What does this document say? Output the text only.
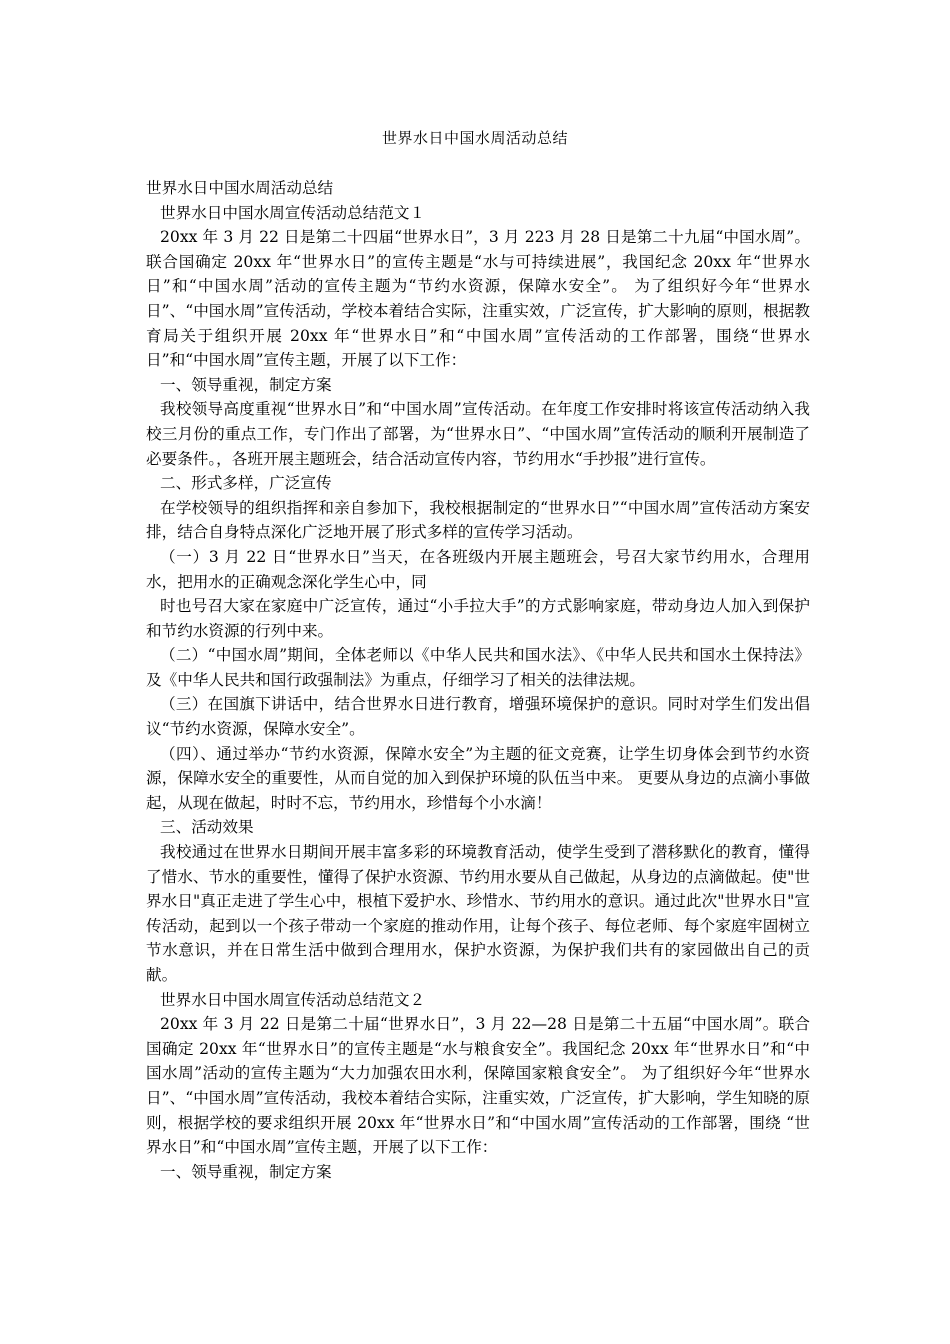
世界水日中国水周活动总结

世界水日中国水周活动总结

世界水日中国水周宣传活动总结范文１

20xx 年 3 月 22 日是第二十四届“世界水日”，3 月 223 月 28 日是第二十九届“中国水周”。联合国确定 20xx 年“世界水日”的宣传主题是“水与可持续进展”，我国纪念 20xx 年“世界水日”和“中国水周”活动的宣传主题为“节约水资源，保障水安全”。 为了组织好今年“世界水日”、“中国水周”宣传活动，学校本着结合实际，注重实效，广泛宣传，扩大影响的原则，根据教育局关于组织开展 20xx 年“世界水日”和“中国水周”宣传活动的工作部署，围绕“世界水日”和“中国水周”宣传主题，开展了以下工作：

一、领导重视，制定方案

我校领导高度重视“世界水日”和“中国水周”宣传活动。在年度工作安排时将该宣传活动纳入我校三月份的重点工作，专门作出了部署，为“世界水日”、“中国水周”宣传活动的顺利开展制造了必要条件。，各班开展主题班会，结合活动宣传内容，节约用水“手抄报”进行宣传。

二、形式多样，广泛宣传

在学校领导的组织指挥和亲自参加下，我校根据制定的“世界水日”“中国水周”宣传活动方案安排，结合自身特点深化广泛地开展了形式多样的宣传学习活动。

（一）3 月 22 日“世界水日”当天，在各班级内开展主题班会，号召大家节约用水，合理用水，把用水的正确观念深化学生心中，同

时也号召大家在家庭中广泛宣传，通过“小手拉大手”的方式影响家庭，带动身边人加入到保护和节约水资源的行列中来。

（二）“中国水周”期间，全体老师以《中华人民共和国水法》、《中华人民共和国水土保持法》及《中华人民共和国行政强制法》为重点，仔细学习了相关的法律法规。

（三）在国旗下讲话中，结合世界水日进行教育，增强环境保护的意识。同时对学生们发出倡议“节约水资源，保障水安全”。

（四）、通过举办“节约水资源，保障水安全”为主题的征文竞赛，让学生切身体会到节约水资源，保障水安全的重要性，从而自觉的加入到保护环境的队伍当中来。 更要从身边的点滴小事做起，从现在做起，时时不忘，节约用水，珍惜每个小水滴！

三、活动效果

我校通过在世界水日期间开展丰富多彩的环境教育活动，使学生受到了潜移默化的教育，懂得了惜水、节水的重要性，懂得了保护水资源、节约用水要从自己做起，从身边的点滴做起。使"世界水日"真正走进了学生心中，根植下爱护水、珍惜水、节约用水的意识。通过此次"世界水日"宣传活动，起到以一个孩子带动一个家庭的推动作用，让每个孩子、每位老师、每个家庭牢固树立节水意识，并在日常生活中做到合理用水，保护水资源，为保护我们共有的家园做出自己的贡献。

世界水日中国水周宣传活动总结范文２

20xx 年 3 月 22 日是第二十届“世界水日”，3 月 22—28 日是第二十五届“中国水周”。联合国确定 20xx 年“世界水日”的宣传主题是“水与粮食安全”。我国纪念 20xx 年“世界水日”和“中国水周”活动的宣传主题为“大力加强农田水利，保障国家粮食安全”。 为了组织好今年“世界水日”、“中国水周”宣传活动，我校本着结合实际，注重实效，广泛宣传，扩大影响，学生知晓的原则，根据学校的要求组织开展 20xx 年“世界水日”和“中国水周”宣传活动的工作部署，围绕 “世界水日”和“中国水周”宣传主题，开展了以下工作：

一、领导重视，制定方案
